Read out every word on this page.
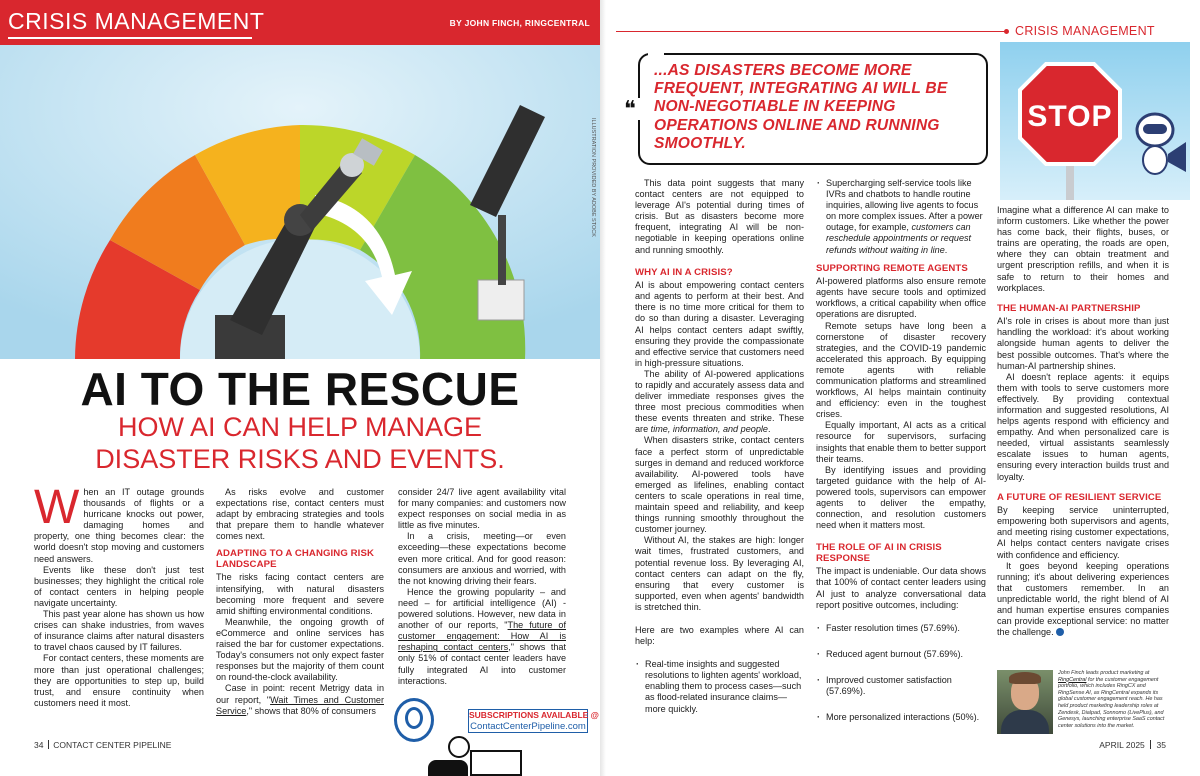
CRISIS MANAGEMENT	BY JOHN FINCH, RINGCENTRAL
ILLUSTRATION PROVIDED BY ADOBE STOCK
AI TO THE RESCUE
HOW AI CAN HELP MANAGE
DISASTER RISKS AND EVENTS.
W hen an IT outage grounds thousands of flights or a hurricane knocks out power, damaging homes and property, one thing becomes clear: the world doesn't stop moving and customers need answers.

Events like these don't just test businesses; they highlight the critical role of contact centers in helping people navigate uncertainty.

This past year alone has shown us how crises can shake industries, from waves of insurance claims after natural disasters to travel chaos caused by IT failures.

For contact centers, these moments are more than just operational challenges; they are opportunities to step up, build trust, and ensure continuity when customers need it most.

As risks evolve and customer expectations rise, contact centers must adapt by embracing strategies and tools that prepare them to handle whatever comes next.

ADAPTING TO A CHANGING RISK LANDSCAPE

The risks facing contact centers are intensifying, with natural disasters becoming more frequent and severe amid shifting environmental conditions.

Meanwhile, the ongoing growth of eCommerce and online services has raised the bar for customer expectations. Today's consumers not only expect faster responses but the majority of them count on round-the-clock availability.

Case in point: recent Metrigy data in our report, "Wait Times and Customer Service," shows that 80% of consumers

consider 24/7 live agent availability vital for many companies: and customers now expect responses on social media in as little as five minutes.

In a crisis, meeting—or even exceeding—these expectations become even more critical. And for good reason: consumers are anxious and worried, with the not knowing driving their fears.

Hence the growing popularity – and need – for artificial intelligence (AI) -powered solutions. However, new data in another of our reports, "The future of customer engagement: How AI is reshaping contact centers," shows that only 51% of contact center leaders have fully integrated AI into customer interactions.

SUBSCRIPTIONS AVAILABLE @
ContactCenterPipeline.com
34 CONTACT CENTER PIPELINE
CRISIS MANAGEMENT
❝
...AS DISASTERS BECOME MORE FREQUENT, INTEGRATING AI WILL BE NON-NEGOTIABLE IN KEEPING OPERATIONS ONLINE AND RUNNING SMOOTHLY.
STOP

This data point suggests that many contact centers are not equipped to leverage AI's potential during times of crisis. But as disasters become more frequent, integrating AI will be non-negotiable in keeping operations online and running smoothly.

WHY AI IN A CRISIS?

AI is about empowering contact centers and agents to perform at their best. And there is no time more critical for them to do so than during a disaster. Leveraging AI helps contact centers adapt swiftly, ensuring they provide the compassionate and effective service that customers need in high-pressure situations.

The ability of AI-powered applications to rapidly and accurately assess data and deliver immediate responses gives the three most precious commodities when these events threaten and strike. These are time, information, and people.

When disasters strike, contact centers face a perfect storm of unpredictable surges in demand and reduced workforce availability. AI-powered tools have emerged as lifelines, enabling contact centers to scale operations in real time, maintain speed and reliability, and keep things running smoothly throughout the customer journey.

Without AI, the stakes are high: longer wait times, frustrated customers, and potential revenue loss. By leveraging AI, contact centers can adapt on the fly, ensuring that every customer is supported, even when agents' bandwidth is stretched thin.

Here are two examples where AI can help:

· Real-time insights and suggested resolutions to lighten agents' workload, enabling them to process cases—such as flood-related insurance claims—more quickly.
· Supercharging self-service tools like IVRs and chatbots to handle routine inquiries, allowing live agents to focus on more complex issues. After a power outage, for example, customers can reschedule appointments or request refunds without waiting in line.
SUPPORTING REMOTE AGENTS

AI-powered platforms also ensure remote agents have secure tools and optimized workflows, a critical capability when office operations are disrupted.

Remote setups have long been a cornerstone of disaster recovery strategies, and the COVID-19 pandemic accelerated this approach. By equipping remote agents with reliable communication platforms and streamlined workflows, AI helps maintain continuity and efficiency: even in the toughest crises.

Equally important, AI acts as a critical resource for supervisors, surfacing insights that enable them to better support their teams.

By identifying issues and providing targeted guidance with the help of AI-powered tools, supervisors can empower agents to deliver the empathy, connection, and resolution customers need when it matters most.

THE ROLE OF AI IN CRISIS RESPONSE

The impact is undeniable. Our data shows that 100% of contact center leaders using AI just to analyze conversational data report positive outcomes, including:

· Faster resolution times (57.69%).
· Reduced agent burnout (57.69%).
· Improved customer satisfaction (57.69%).
· More personalized interactions (50%).

Imagine what a difference AI can make to inform customers. Like whether the power has come back, their flights, buses, or trains are operating, the roads are open, where they can obtain treatment and urgent prescription refills, and when it is safe to return to their homes and workplaces.

THE HUMAN-AI PARTNERSHIP

AI's role in crises is about more than just handling the workload: it's about working alongside human agents to deliver the best possible outcomes. That's where the human-AI partnership shines.

AI doesn't replace agents: it equips them with tools to serve customers more effectively. By providing contextual information and suggested resolutions, AI helps agents respond with efficiency and empathy. And when personalized care is needed, virtual assistants seamlessly escalate issues to human agents, ensuring every interaction builds trust and loyalty.

A FUTURE OF RESILIENT SERVICE

By keeping service uninterrupted, empowering both supervisors and agents, and meeting rising customer expectations, AI helps contact centers navigate crises with confidence and efficiency.

It goes beyond keeping operations running; it's about delivering experiences that customers remember. In an unpredictable world, the right blend of AI and human expertise ensures companies can provide exceptional service: no matter the challenge.

John Finch leads product marketing at RingCentral for the customer engagement portfolio, which includes RingCX and RingSense AI, as RingCentral expands its global customer engagement reach. He has held product marketing leadership roles at Zendesk, Dialpad, Sonnomo (LivePlus), and Genesys, launching enterprise SaaS contact center solutions into the market.
APRIL 2025 35
